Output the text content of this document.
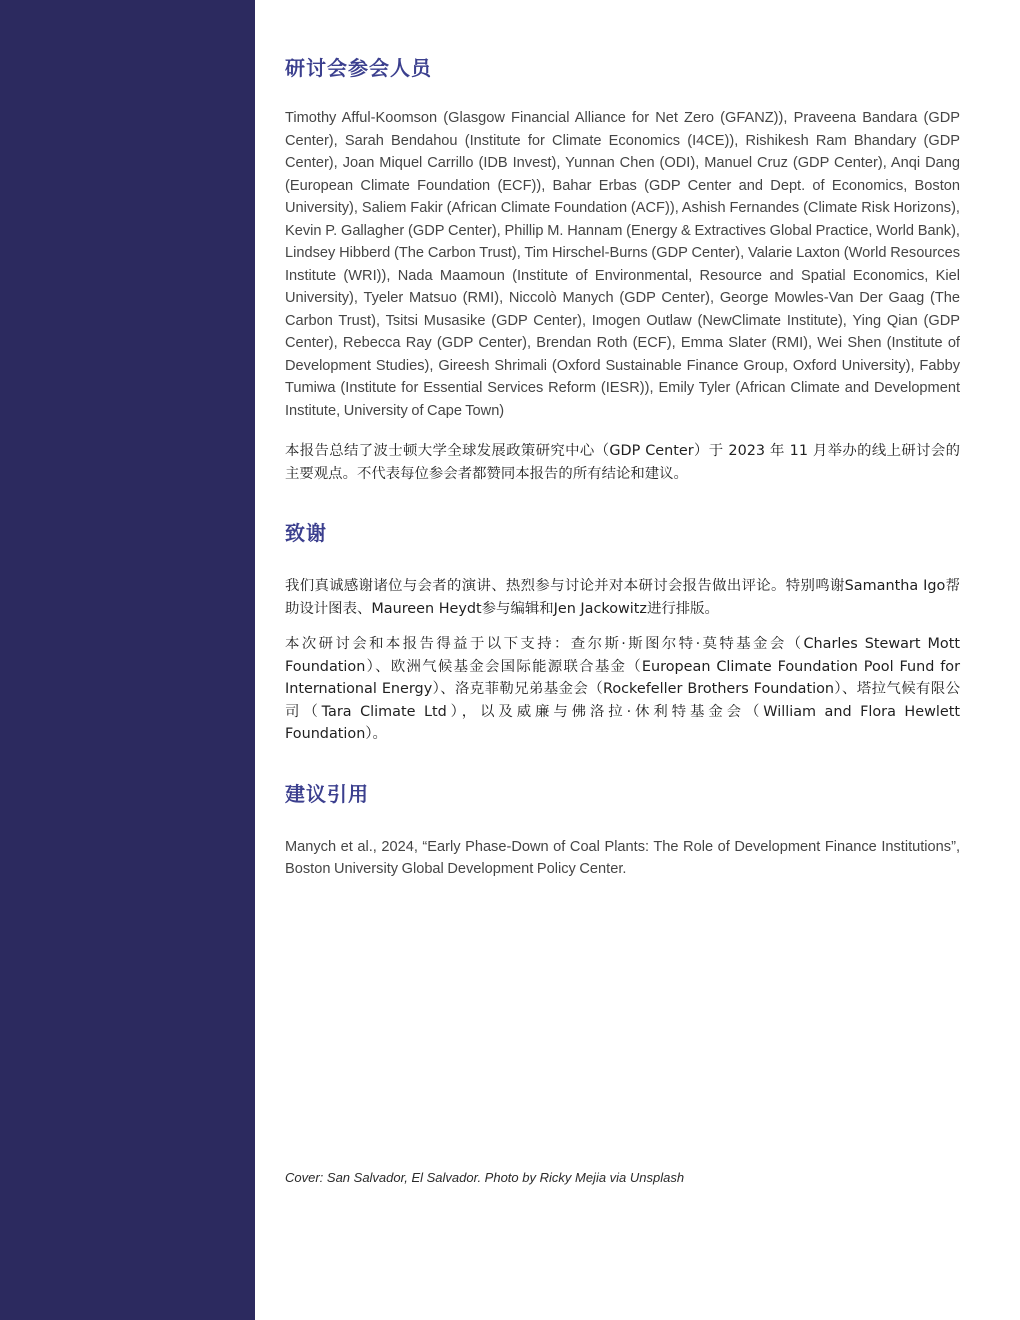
研讨会参会人员

Timothy Afful-Koomson (Glasgow Financial Alliance for Net Zero (GFANZ)), Praveena Bandara (GDP Center), Sarah Bendahou (Institute for Climate Economics (I4CE)), Rishikesh Ram Bhandary (GDP Center), Joan Miquel Carrillo (IDB Invest), Yunnan Chen (ODI), Manuel Cruz (GDP Center), Anqi Dang (European Climate Foundation (ECF)), Bahar Erbas (GDP Center and Dept. of Economics, Boston University), Saliem Fakir (African Climate Foundation (ACF)), Ashish Fernandes (Climate Risk Horizons), Kevin P. Gallagher (GDP Center), Phillip M. Hannam (Energy & Extractives Global Practice, World Bank), Lindsey Hibberd (The Carbon Trust), Tim Hirschel-Burns (GDP Center), Valarie Laxton (World Resources Institute (WRI)), Nada Maamoun (Institute of Environmental, Resource and Spatial Economics, Kiel University), Tyeler Matsuo (RMI), Niccolò Manych (GDP Center), George Mowles-Van Der Gaag (The Carbon Trust), Tsitsi Musasike (GDP Center), Imogen Outlaw (NewClimate Institute), Ying Qian (GDP Center), Rebecca Ray (GDP Center), Brendan Roth (ECF), Emma Slater (RMI), Wei Shen (Institute of Development Studies), Gireesh Shrimali (Oxford Sustainable Finance Group, Oxford University), Fabby Tumiwa (Institute for Essential Services Reform (IESR)), Emily Tyler (African Climate and Development Institute, University of Cape Town)

本报告总结了波士顿大学全球发展政策研究中心（GDP Center）于 2023 年 11 月举办的线上研讨会的主要观点。不代表每位参会者都赞同本报告的所有结论和建议。

致谢

我们真诚感谢诸位与会者的演讲、热烈参与讨论并对本研讨会报告做出评论。特别鸣谢Samantha Igo帮助设计图表、Maureen Heydt参与编辑和Jen Jackowitz进行排版。

本次研讨会和本报告得益于以下支持：查尔斯·斯图尔特·莫特基金会（Charles Stewart Mott Foundation）、欧洲气候基金会国际能源联合基金（European Climate Foundation Pool Fund for International Energy）、洛克菲勒兄弟基金会（Rockefeller Brothers Foundation）、塔拉气候有限公司（Tara Climate Ltd），以及威廉与佛洛拉·休利特基金会（William and Flora Hewlett Foundation）。

建议引用

Manych et al., 2024, “Early Phase-Down of Coal Plants: The Role of Development Finance Institutions”, Boston University Global Development Policy Center.

Cover: San Salvador, El Salvador. Photo by Ricky Mejia via Unsplash
